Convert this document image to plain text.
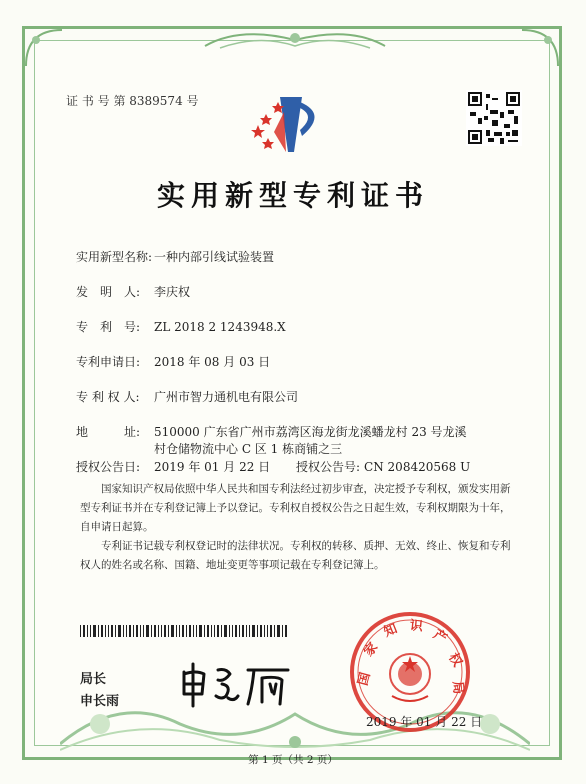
证 书 号 第 8389574 号
实用新型专利证书
实用新型名称: 一种内部引线试验装置
发　明　人: 李庆权
专　利　号: ZL 2018 2 1243948.X
专利申请日: 2018 年 08 月 03 日
专 利 权 人: 广州市智力通机电有限公司
地　　　址: 510000 广东省广州市荔湾区海龙街龙溪蟠龙村 23 号龙溪
村仓储物流中心 C 区 1 栋商铺之三
授权公告日: 2019 年 01 月 22 日 授权公告号: CN 208420568 U
国家知识产权局依照中华人民共和国专利法经过初步审查，决定授予专利权，颁发实用新型专利证书并在专利登记簿上予以登记。专利权自授权公告之日起生效，专利权期限为十年，自申请日起算。
专利证书记载专利权登记时的法律状况。专利权的转移、质押、无效、终止、恢复和专利权人的姓名或名称、国籍、地址变更等事项记载在专利登记簿上。
局长
申长雨
国
家
知 识
产
权
局
2019 年 01 月 22 日
第 1 页（共 2 页）
